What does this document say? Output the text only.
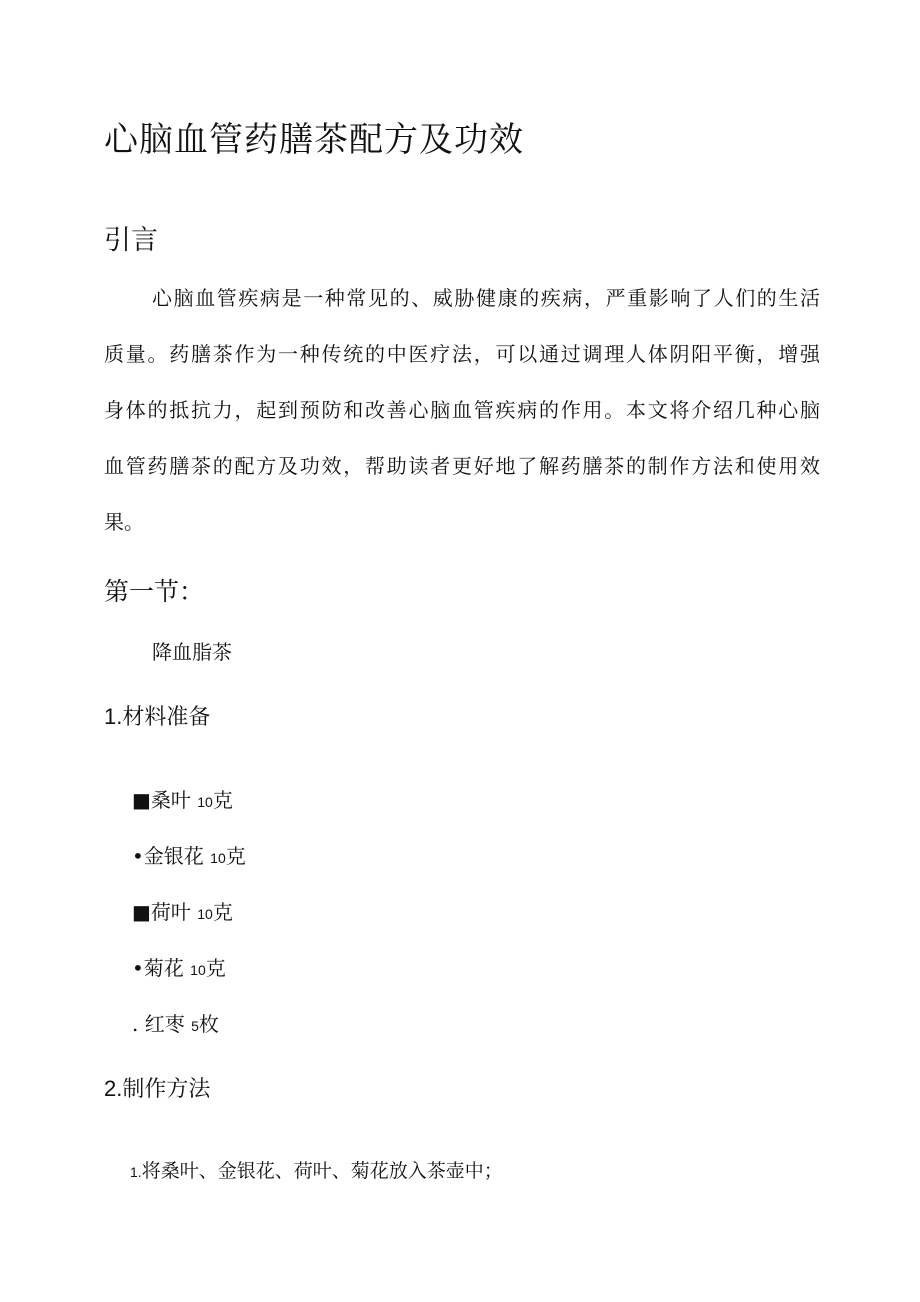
心脑血管药膳茶配方及功效
引言
心脑血管疾病是一种常见的、威胁健康的疾病，严重影响了人们的生活
质量。药膳茶作为一种传统的中医疗法，可以通过调理人体阴阳平衡，增强
身体的抵抗力，起到预防和改善心脑血管疾病的作用。本文将介绍几种心脑
血管药膳茶的配方及功效，帮助读者更好地了解药膳茶的制作方法和使用效
果。
第一节：
降血脂茶
1.材料准备
■桑叶 10克
•金银花 10克
■荷叶 10克
•菊花 10克
. 红枣 5枚
2.制作方法
1.将桑叶、金银花、荷叶、菊花放入茶壶中；
